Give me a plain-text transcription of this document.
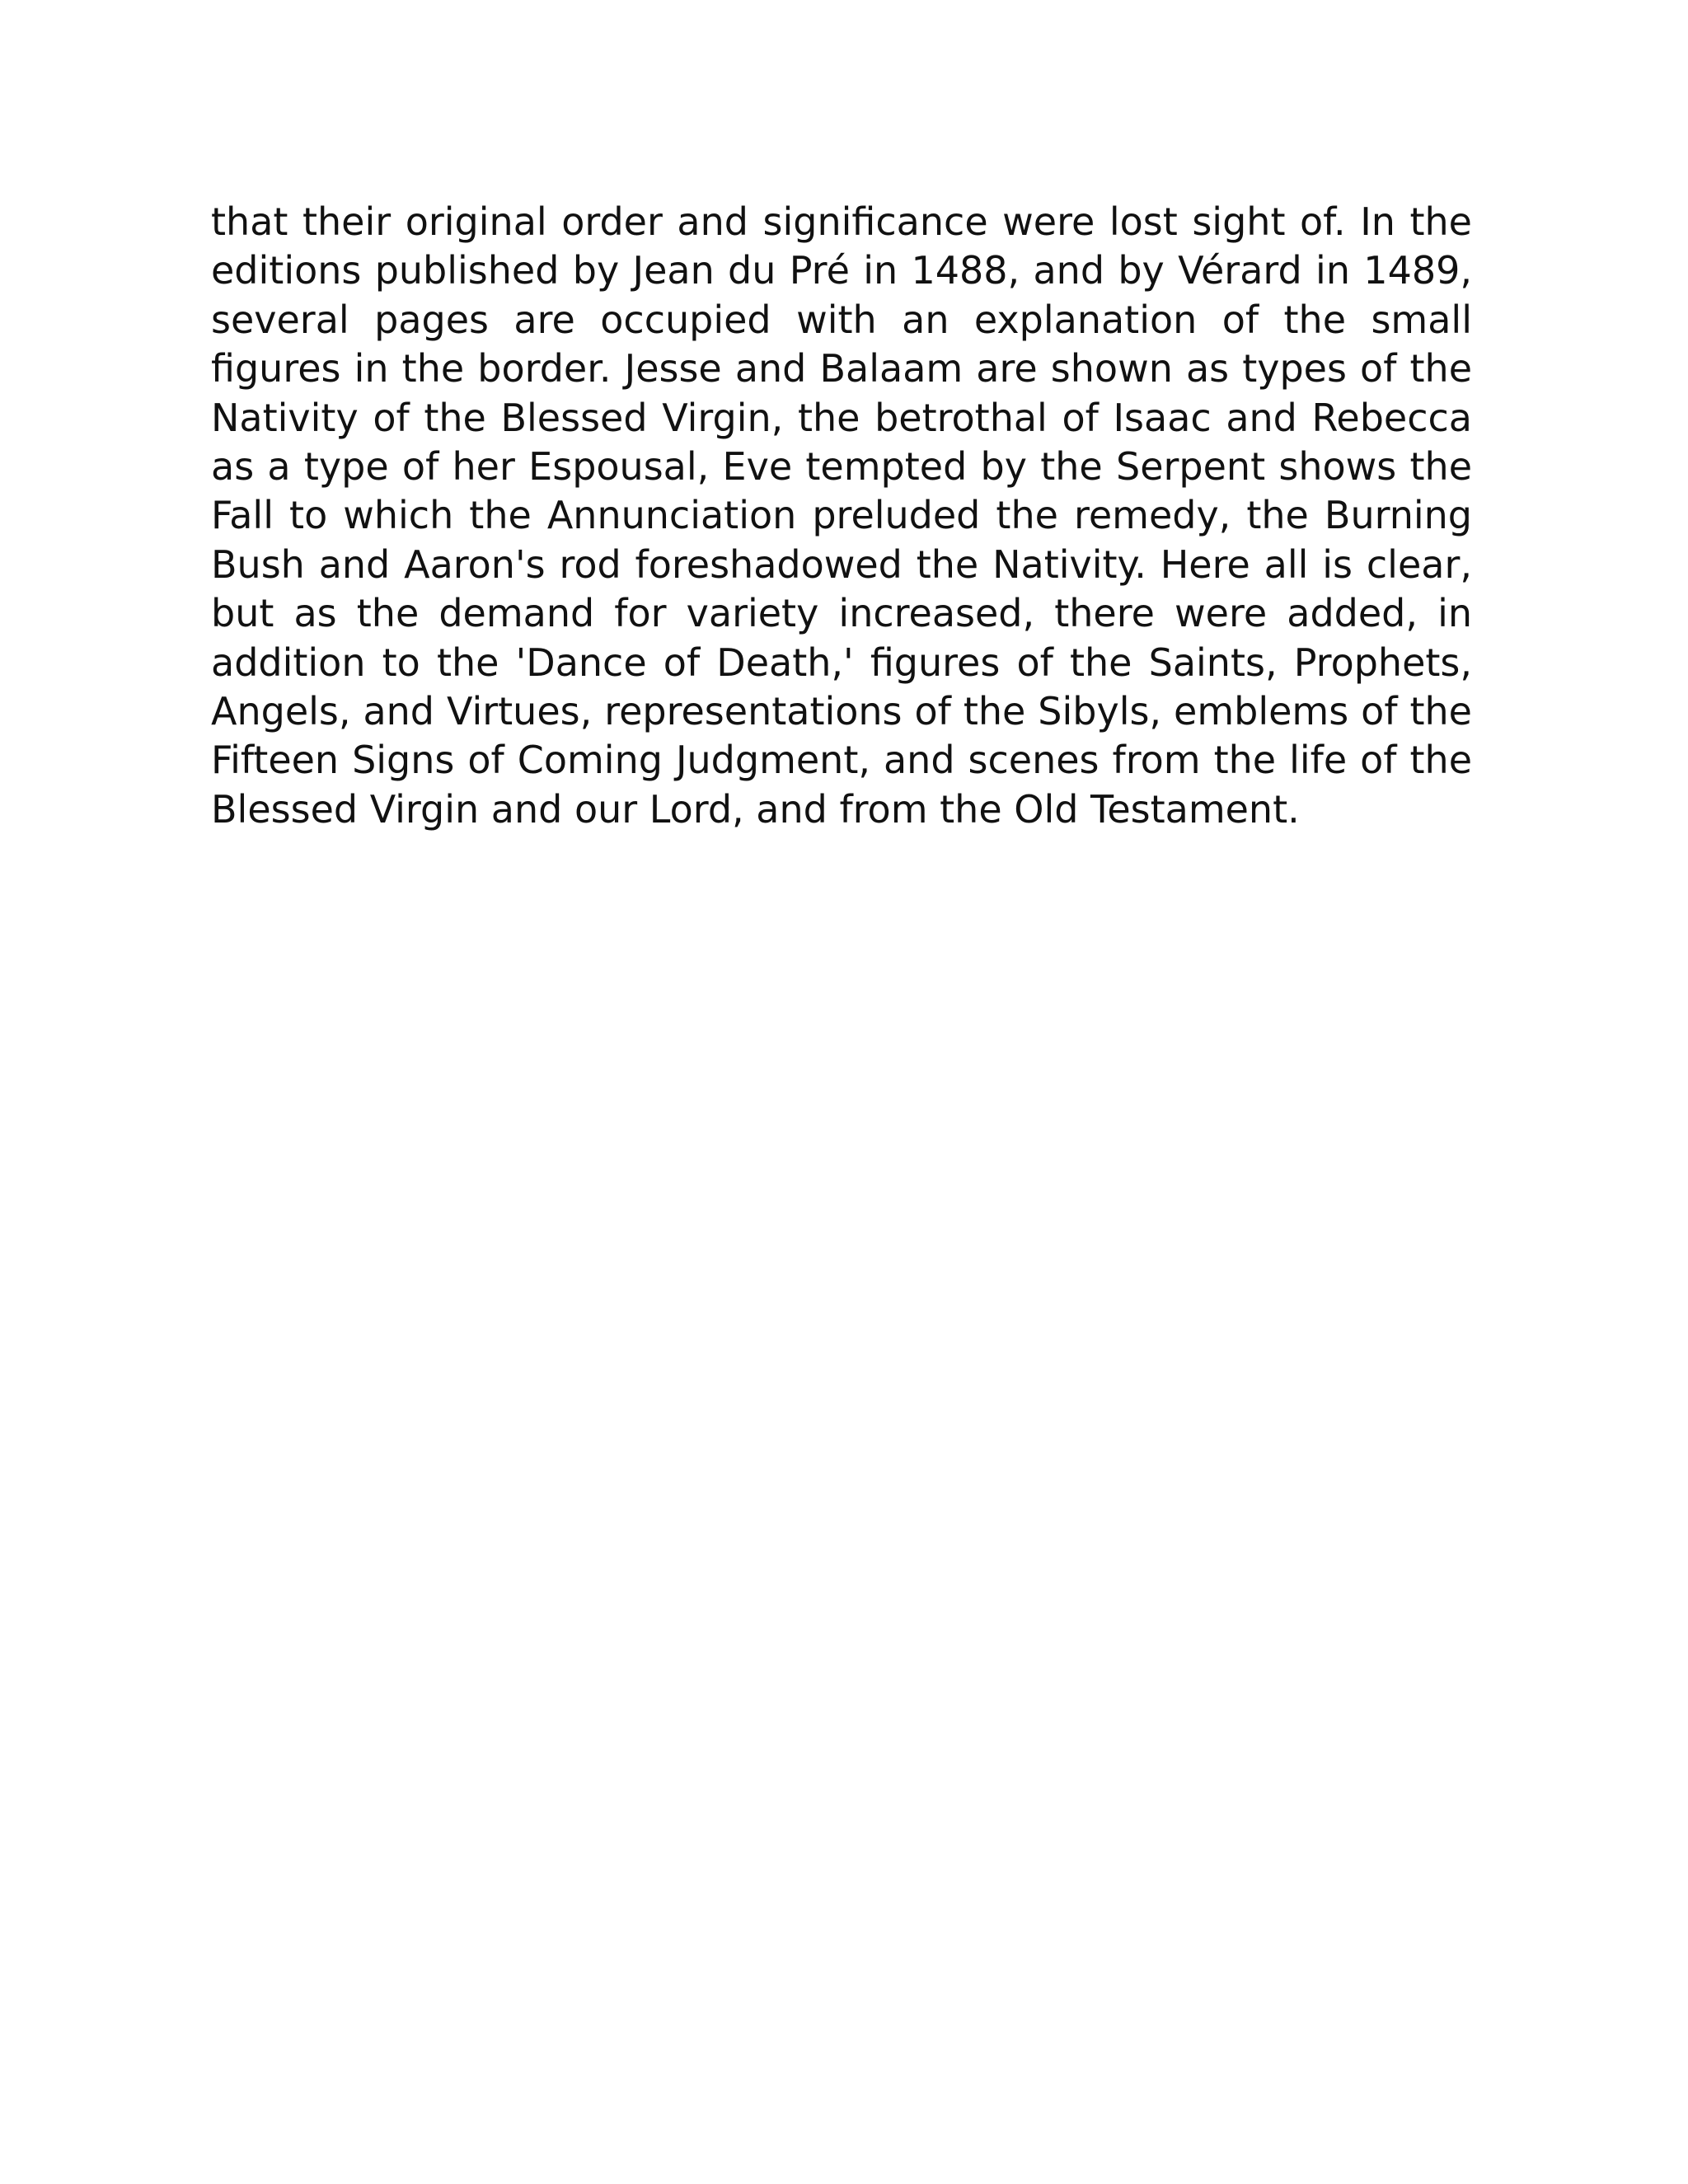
that their original order and significance were lost sight of. In the editions published by Jean du Pré in 1488, and by Vérard in 1489, several pages are occupied with an explanation of the small figures in the border. Jesse and Balaam are shown as types of the Nativity of the Blessed Virgin, the betrothal of Isaac and Rebecca as a type of her Espousal, Eve tempted by the Serpent shows the Fall to which the Annunciation preluded the remedy, the Burning Bush and Aaron's rod foreshadowed the Nativity. Here all is clear, but as the demand for variety increased, there were added, in addition to the 'Dance of Death,' figures of the Saints, Prophets, Angels, and Virtues, representations of the Sibyls, emblems of the Fifteen Signs of Coming Judgment, and scenes from the life of the Blessed Virgin and our Lord, and from the Old Testament.
